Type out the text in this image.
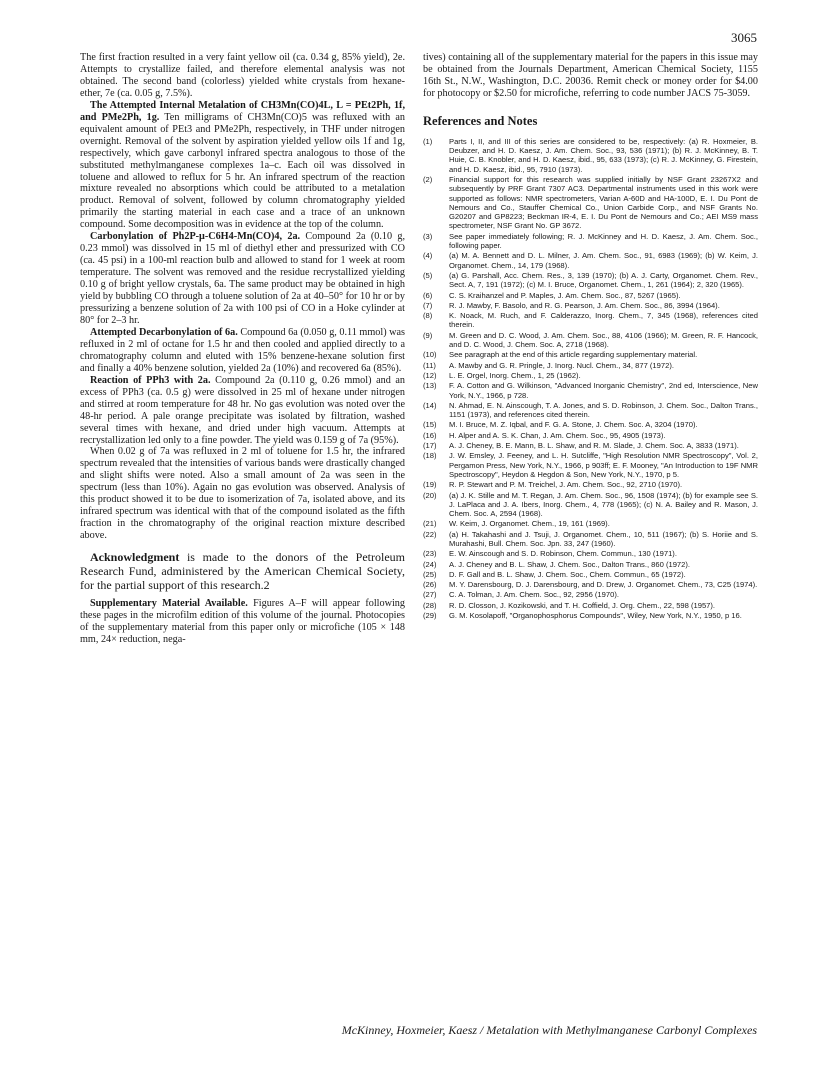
3065

The first fraction resulted in a very faint yellow oil (ca. 0.34 g, 85% yield), 2e. Attempts to crystallize failed, and therefore elemental analysis was not obtained. The second band (colorless) yielded white crystals from hexane-ether, 7e (ca. 0.05 g, 7.5%).

The Attempted Internal Metalation of CH3Mn(CO)4L, L = PEt2Ph, 1f, and PMe2Ph, 1g. Ten milligrams of CH3Mn(CO)5 was refluxed with an equivalent amount of PEt3 and PMe2Ph, respectively, in THF under nitrogen overnight. Removal of the solvent by aspiration yielded yellow oils 1f and 1g, respectively, which gave carbonyl infrared spectra analogous to those of the substituted methylmanganese complexes 1a–c. Each oil was dissolved in toluene and allowed to reflux for 5 hr. An infrared spectrum of the reaction mixture revealed no absorptions which could be attributed to a metalation product. Removal of solvent, followed by column chromatography yielded primarily the starting material in each case and a trace of an unknown compound. Some decomposition was in evidence at the top of the column.

Carbonylation of Ph2P-μ-C6H4-Mn(CO)4, 2a. Compound 2a (0.10 g, 0.23 mmol) was dissolved in 15 ml of diethyl ether and pressurized with CO (ca. 45 psi) in a 100-ml reaction bulb and allowed to stand for 1 week at room temperature. The solvent was removed and the residue recrystallized yielding 0.10 g of bright yellow crystals, 6a. The same product may be obtained in high yield by bubbling CO through a toluene solution of 2a at 40–50° for 10 hr or by pressurizing a benzene solution of 2a with 100 psi of CO in a Hoke cylinder at 80° for 2–3 hr.

Attempted Decarbonylation of 6a. Compound 6a (0.050 g, 0.11 mmol) was refluxed in 2 ml of octane for 1.5 hr and then cooled and applied directly to a chromatography column and eluted with 15% benzene-hexane solution first and finally a 40% benzene solution, yielded 2a (10%) and recovered 6a (85%).

Reaction of PPh3 with 2a. Compound 2a (0.110 g, 0.26 mmol) and an excess of PPh3 (ca. 0.5 g) were dissolved in 25 ml of hexane under nitrogen and stirred at room temperature for 48 hr. No gas evolution was noted over the 48-hr period. A pale orange precipitate was isolated by filtration, washed several times with hexane, and dried under high vacuum. Attempts at recrystallization led only to a fine powder. The yield was 0.159 g of 7a (95%).

When 0.02 g of 7a was refluxed in 2 ml of toluene for 1.5 hr, the infrared spectrum revealed that the intensities of various bands were drastically changed and slight shifts were noted. Also a small amount of 2a was seen in the spectrum (less than 10%). Again no gas evolution was observed. Analysis of this product showed it to be due to isomerization of 7a, isolated above, and its infrared spectrum was identical with that of the compound isolated as the fifth fraction in the chromatography of the original reaction mixture described above.

Acknowledgment is made to the donors of the Petroleum Research Fund, administered by the American Chemical Society, for the partial support of this research.2

Supplementary Material Available. Figures A–F will appear following these pages in the microfilm edition of this volume of the journal. Photocopies of the supplementary material from this paper only or microfiche (105 × 148 mm, 24× reduction, nega-

tives) containing all of the supplementary material for the papers in this issue may be obtained from the Journals Department, American Chemical Society, 1155 16th St., N.W., Washington, D.C. 20036. Remit check or money order for $4.00 for photocopy or $2.50 for microfiche, referring to code number JACS 75-3059.

References and Notes
(1)	Parts I, II, and III of this series are considered to be, respectively: (a) R. Hoxmeier, B. Deubzer, and H. D. Kaesz, J. Am. Chem. Soc., 93, 536 (1971); (b) R. J. McKinney, B. T. Huie, C. B. Knobler, and H. D. Kaesz, ibid., 95, 633 (1973); (c) R. J. McKinney, G. Firestein, and H. D. Kaesz, ibid., 95, 7910 (1973).
(2)	Financial support for this research was supplied initially by NSF Grant 23267X2 and subsequently by PRF Grant 7307 AC3. Departmental instruments used in this work were supported as follows: NMR spectrometers, Varian A-60D and HA-100D, E. I. Du Pont de Nemours and Co., Stauffer Chemical Co., Union Carbide Corp., and NSF Grants No. G20207 and GP8223; Beckman IR-4, E. I. Du Pont de Nemours and Co.; AEI MS9 mass spectrometer, NSF Grant No. GP 3672.
(3)	See paper immediately following; R. J. McKinney and H. D. Kaesz, J. Am. Chem. Soc., following paper.
(4)	(a) M. A. Bennett and D. L. Milner, J. Am. Chem. Soc., 91, 6983 (1969); (b) W. Keim, J. Organomet. Chem., 14, 179 (1968).
(5)	(a) G. Parshall, Acc. Chem. Res., 3, 139 (1970); (b) A. J. Carty, Organomet. Chem. Rev., Sect. A, 7, 191 (1972); (c) M. I. Bruce, Organomet. Chem., 1, 261 (1964); 2, 320 (1965).
(6)	C. S. Kraihanzel and P. Maples, J. Am. Chem. Soc., 87, 5267 (1965).
(7)	R. J. Mawby, F. Basolo, and R. G. Pearson, J. Am. Chem. Soc., 86, 3994 (1964).
(8)	K. Noack, M. Ruch, and F. Calderazzo, Inorg. Chem., 7, 345 (1968), references cited therein.
(9)	M. Green and D. C. Wood, J. Am. Chem. Soc., 88, 4106 (1966); M. Green, R. F. Hancock, and D. C. Wood, J. Chem. Soc. A, 2718 (1968).
(10)	See paragraph at the end of this article regarding supplementary material.
(11)	A. Mawby and G. R. Pringle, J. Inorg. Nucl. Chem., 34, 877 (1972).
(12)	L. E. Orgel, Inorg. Chem., 1, 25 (1962).
(13)	F. A. Cotton and G. Wilkinson, "Advanced Inorganic Chemistry", 2nd ed, Interscience, New York, N.Y., 1966, p 728.
(14)	N. Ahmad, E. N. Ainscough, T. A. Jones, and S. D. Robinson, J. Chem. Soc., Dalton Trans., 1151 (1973), and references cited therein.
(15)	M. I. Bruce, M. Z. Iqbal, and F. G. A. Stone, J. Chem. Soc. A, 3204 (1970).
(16)	H. Alper and A. S. K. Chan, J. Am. Chem. Soc., 95, 4905 (1973).
(17)	A. J. Cheney, B. E. Mann, B. L. Shaw, and R. M. Slade, J. Chem. Soc. A, 3833 (1971).
(18)	J. W. Emsley, J. Feeney, and L. H. Sutcliffe, "High Resolution NMR Spectroscopy", Vol. 2, Pergamon Press, New York, N.Y., 1966, p 903ff; E. F. Mooney, "An Introduction to 19F NMR Spectroscopy", Heydon & Hegdon & Son, New York, N.Y., 1970, p 5.
(19)	R. P. Stewart and P. M. Treichel, J. Am. Chem. Soc., 92, 2710 (1970).
(20)	(a) J. K. Stille and M. T. Regan, J. Am. Chem. Soc., 96, 1508 (1974); (b) for example see S. J. LaPlaca and J. A. Ibers, Inorg. Chem., 4, 778 (1965); (c) N. A. Bailey and R. Mason, J. Chem. Soc. A, 2594 (1968).
(21)	W. Keim, J. Organomet. Chem., 19, 161 (1969).
(22)	(a) H. Takahashi and J. Tsuji, J. Organomet. Chem., 10, 511 (1967); (b) S. Horiie and S. Murahashi, Bull. Chem. Soc. Jpn. 33, 247 (1960).
(23)	E. W. Ainscough and S. D. Robinson, Chem. Commun., 130 (1971).
(24)	A. J. Cheney and B. L. Shaw, J. Chem. Soc., Dalton Trans., 860 (1972).
(25)	D. F. Gall and B. L. Shaw, J. Chem. Soc., Chem. Commun., 65 (1972).
(26)	M. Y. Darensbourg, D. J. Darensbourg, and D. Drew, J. Organomet. Chem., 73, C25 (1974).
(27)	C. A. Tolman, J. Am. Chem. Soc., 92, 2956 (1970).
(28)	R. D. Closson, J. Kozikowski, and T. H. Coffield, J. Org. Chem., 22, 598 (1957).
(29)	G. M. Kosolapoff, "Organophosphorus Compounds", Wiley, New York, N.Y., 1950, p 16.
McKinney, Hoxmeier, Kaesz / Metalation with Methylmanganese Carbonyl Complexes
